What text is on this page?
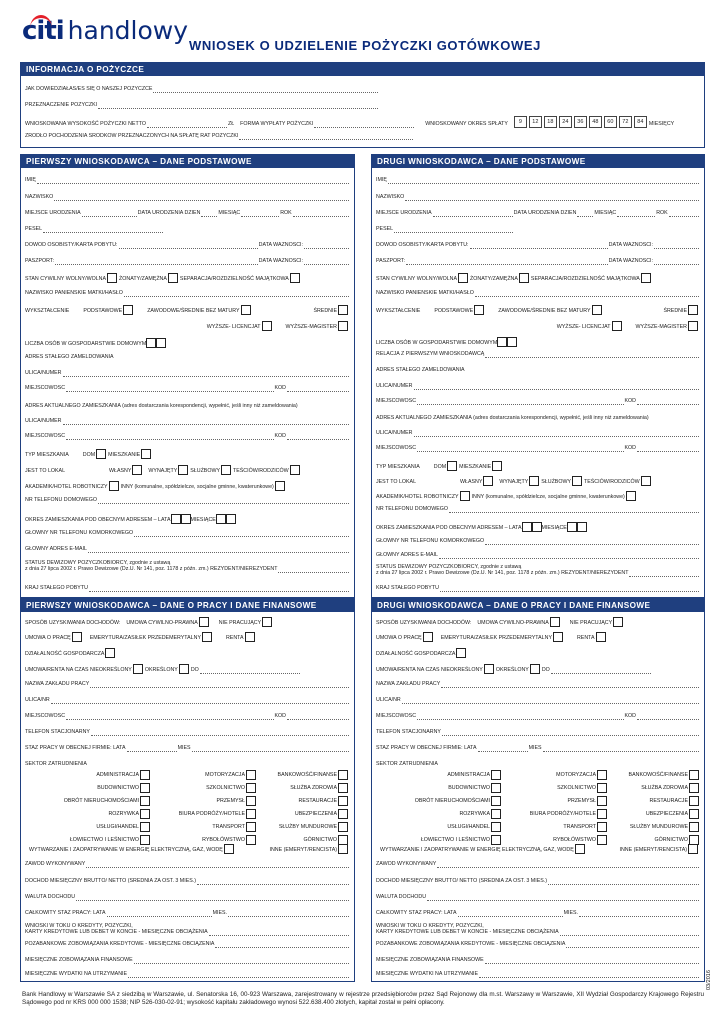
citi handlowy
WNIOSEK O UDZIELENIE POŻYCZKI GOTÓWKOWEJ
INFORMACJA O POŻYCZCE
JAK DOWIEDZIAŁAŚ/EŚ SIĘ O NASZEJ POŻYCZCE
PRZEZNACZENIE POŻYCZKI
WNIOSKOWANA WYSOKOŚĆ POŻYCZKI NETTO	ZŁ FORMA WYPŁATY POŻYCZKI	WNIOSKOWANY OKRES SPŁATY	9	12	18	24	36	48	60	72	84	MIESIĘCY
ŹRÓDŁO POCHODZENIA ŚRODKÓW PRZEZNACZONYCH NA SPŁATĘ RAT POŻYCZKI
PIERWSZY WNIOSKODAWCA – DANE PODSTAWOWE
IMIĘ
NAZWISKO
MIEJSCE URODZENIA	DATA URODZENIA DZIEŃ	MIESIĄC	ROK
PESEL
DOWÓD OSOBISTY/KARTA POBYTU:	DATA WAŻNOŚCI:
PASZPORT:	DATA WAŻNOŚCI:
STAN CYWILNY WOLNY/WOLNA ŻONATY/ZAMĘŻNA SEPARACJA/ROZDZIELNOŚĆ MAJĄTKOWA
NAZWISKO PANIEŃSKIE MATKI/HASŁO
WYKSZTAŁCENIE	PODSTAWOWE	ZAWODOWE/ŚREDNIE BEZ MATURY	ŚREDNIE
WYŻSZE- LICENCJAT	WYŻSZE-MAGISTER
LICZBA OSÓB W GOSPODARSTWIE DOMOWYM
ADRES STAŁEGO ZAMELDOWANIA
ULICA/NUMER
MIEJSCOWOŚĆ	KOD
ADRES AKTUALNEGO ZAMIESZKANIA (adres dostarczania korespondencji, wypełnić, jeśli inny niż zameldowania)
ULICA/NUMER
MIEJSCOWOŚĆ	KOD
TYP MIESZKANIA	DOM MIESZKANIE
JEST TO LOKAL	WŁASNY	WYNAJĘTY SŁUŻBOWY TEŚCIÓW/RODZICÓW
AKADEMIK/HOTEL ROBOTNICZY INNY (komunalne, spółdzielcze, socjalne gminne, kwaterunkowe)
NR TELEFONU DOMOWEGO
OKRES ZAMIESZKANIA POD OBECNYM ADRESEM – LATA	MIESIĄCE
GŁÓWNY NR TELEFONU KOMÓRKOWEGO
GŁÓWNY ADRES E-MAIL
STATUS DEWIZOWY POŻYCZKOBIORCY, zgodnie z ustawą
z dnia 27 lipca 2002 r. Prawo Dewizowe (Dz.U. Nr 141, poz. 1178 z późn. zm.) REZYDENT/NIEREZYDENT
KRAJ STAŁEGO POBYTU
DRUGI WNIOSKODAWCA – DANE PODSTAWOWE
IMIĘ
NAZWISKO
MIEJSCE URODZENIA	DATA URODZENIA DZIEŃ	MIESIĄC	ROK
PESEL
DOWÓD OSOBISTY/KARTA POBYTU:	DATA WAŻNOŚCI:
PASZPORT:	DATA WAŻNOŚCI:
STAN CYWILNY WOLNY/WOLNA ŻONATY/ZAMĘŻNA SEPARACJA/ROZDZIELNOŚĆ MAJĄTKOWA
NAZWISKO PANIEŃSKIE MATKI/HASŁO
WYKSZTAŁCENIE	PODSTAWOWE	ZAWODOWE/ŚREDNIE BEZ MATURY	ŚREDNIE
WYŻSZE- LICENCJAT	WYŻSZE-MAGISTER
LICZBA OSÓB W GOSPODARSTWIE DOMOWYM
RELACJA Z PIERWSZYM WNIOSKODAWCĄ
ADRES STAŁEGO ZAMELDOWANIA
ULICA/NUMER
MIEJSCOWOŚĆ	KOD
ADRES AKTUALNEGO ZAMIESZKANIA (adres dostarczania korespondencji, wypełnić, jeśli inny niż zameldowania)
ULICA/NUMER
MIEJSCOWOŚĆ	KOD
TYP MIESZKANIA	DOM MIESZKANIE
JEST TO LOKAL	WŁASNY	WYNAJĘTY SŁUŻBOWY TEŚCIÓW/RODZICÓW
AKADEMIK/HOTEL ROBOTNICZY INNY (komunalne, spółdzielcze, socjalne gminne, kwaterunkowe)
NR TELEFONU DOMOWEGO
OKRES ZAMIESZKANIA POD OBECNYM ADRESEM – LATA	MIESIĄCE
GŁÓWNY NR TELEFONU KOMÓRKOWEGO
GŁÓWNY ADRES E-MAIL
STATUS DEWIZOWY POŻYCZKOBIORCY, zgodnie z ustawą
z dnia 27 lipca 2002 r. Prawo Dewizowe (Dz.U. Nr 141, poz. 1178 z późn. zm.) REZYDENT/NIEREZYDENT
KRAJ STAŁEGO POBYTU
PIERWSZY WNIOSKODAWCA – DANE O PRACY I DANE FINANSOWE
SPOSÓB UZYSKIWANIA DOCHODÓW: UMOWA CYWILNO-PRAWNA	NIE PRACUJĄCY
UMOWA O PRACĘ	EMERYTURA/ZASIŁEK PRZEDEMERYTALNY	RENTA
DZIAŁALNOŚĆ GOSPODARCZA
UMOWA/RENTA NA CZAS NIEOKREŚLONY OKREŚLONY DO
NAZWA ZAKŁADU PRACY
ULICA/NR
MIEJSCOWOŚĆ	KOD
TELEFON STACJONARNY
STAŻ PRACY W OBECNEJ FIRMIE: LATA	MIES
SEKTOR ZATRUDNIENIA
ADMINISTRACJA	MOTORYZACJA	BANKOWOŚĆ/FINANSE
BUDOWNICTWO	SZKOLNICTWO	SŁUŻBA ZDROWIA
OBRÓT NIERUCHOMOŚCIAMI	PRZEMYSŁ	RESTAURACJE
ROZRYWKA	BIURA PODRÓŻY/HOTELE	UBEZPIECZENIA
USŁUGI/HANDEL	TRANSPORT	SŁUŻBY MUNDUROWE
ŁOWIECTWO I LEŚNICTWO	RYBOŁÓWSTWO	GÓRNICTWO
WYTWARZANIE I ZAOPATRYWANIE W ENERGIĘ ELEKTRYCZNĄ, GAZ, WODĘ	INNE (EMERYT/RENCISTA)
ZAWÓD WYKONYWANY
DOCHÓD MIESIĘCZNY BRUTTO/ NETTO (ŚREDNIA ZA OST. 3 MIES.)
WALUTA DOCHODU
CAŁKOWITY STAŻ PRACY: LATA	MIES.
WNIOSKI W TOKU O KREDYTY, POŻYCZKI,
KARTY KREDYTOWE LUB DEBET W KONCIE - MIESIĘCZNE OBCIĄŻENIA
POZABANKOWE ZOBOWIĄZANIA KREDYTOWE - MIESIĘCZNE OBCIĄŻENIA
MIESIĘCZNE ZOBOWIĄZANIA FINANSOWE
MIESIĘCZNE WYDATKI NA UTRZYMANIE
DRUGI WNIOSKODAWCA – DANE O PRACY I DANE FINANSOWE
SPOSÓB UZYSKIWANIA DOCHODÓW: UMOWA CYWILNO-PRAWNA	NIE PRACUJĄCY
UMOWA O PRACĘ	EMERYTURA/ZASIŁEK PRZEDEMERYTALNY	RENTA
DZIAŁALNOŚĆ GOSPODARCZA
UMOWA/RENTA NA CZAS NIEOKREŚLONY OKREŚLONY DO
NAZWA ZAKŁADU PRACY
ULICA/NR
MIEJSCOWOŚĆ	KOD
TELEFON STACJONARNY
STAŻ PRACY W OBECNEJ FIRMIE: LATA	MIES
SEKTOR ZATRUDNIENIA
ADMINISTRACJA	MOTORYZACJA	BANKOWOŚĆ/FINANSE
BUDOWNICTWO	SZKOLNICTWO	SŁUŻBA ZDROWIA
OBRÓT NIERUCHOMOŚCIAMI	PRZEMYSŁ	RESTAURACJE
ROZRYWKA	BIURA PODRÓŻY/HOTELE	UBEZPIECZENIA
USŁUGI/HANDEL	TRANSPORT	SŁUŻBY MUNDUROWE
ŁOWIECTWO I LEŚNICTWO	RYBOŁÓWSTWO	GÓRNICTWO
WYTWARZANIE I ZAOPATRYWANIE W ENERGIĘ ELEKTRYCZNĄ, GAZ, WODĘ	INNE (EMERYT/RENCISTA)
ZAWÓD WYKONYWANY
DOCHÓD MIESIĘCZNY BRUTTO/ NETTO (ŚREDNIA ZA OST. 3 MIES.)
WALUTA DOCHODU
CAŁKOWITY STAŻ PRACY: LATA	MIES.
WNIOSKI W TOKU O KREDYTY, POŻYCZKI,
KARTY KREDYTOWE LUB DEBET W KONCIE - MIESIĘCZNE OBCIĄŻENIA
POZABANKOWE ZOBOWIĄZANIA KREDYTOWE - MIESIĘCZNE OBCIĄŻENIA
MIESIĘCZNE ZOBOWIĄZANIA FINANSOWE
MIESIĘCZNE WYDATKI NA UTRZYMANIE
Bank Handlowy w Warszawie SA z siedzibą w Warszawie, ul. Senatorska 16, 00-923 Warszawa, zarejestrowany w rejestrze przedsiębiorców przez Sąd Rejonowy dla m.st. Warszawy w Warszawie, XII Wydział Gospodarczy Krajowego Rejestru Sądowego pod nr KRS 000 000 1538; NIP 526-030-02-91; wysokość kapitału zakładowego wynosi 522.638.400 złotych, kapitał został w pełni opłacony.
03/2016
